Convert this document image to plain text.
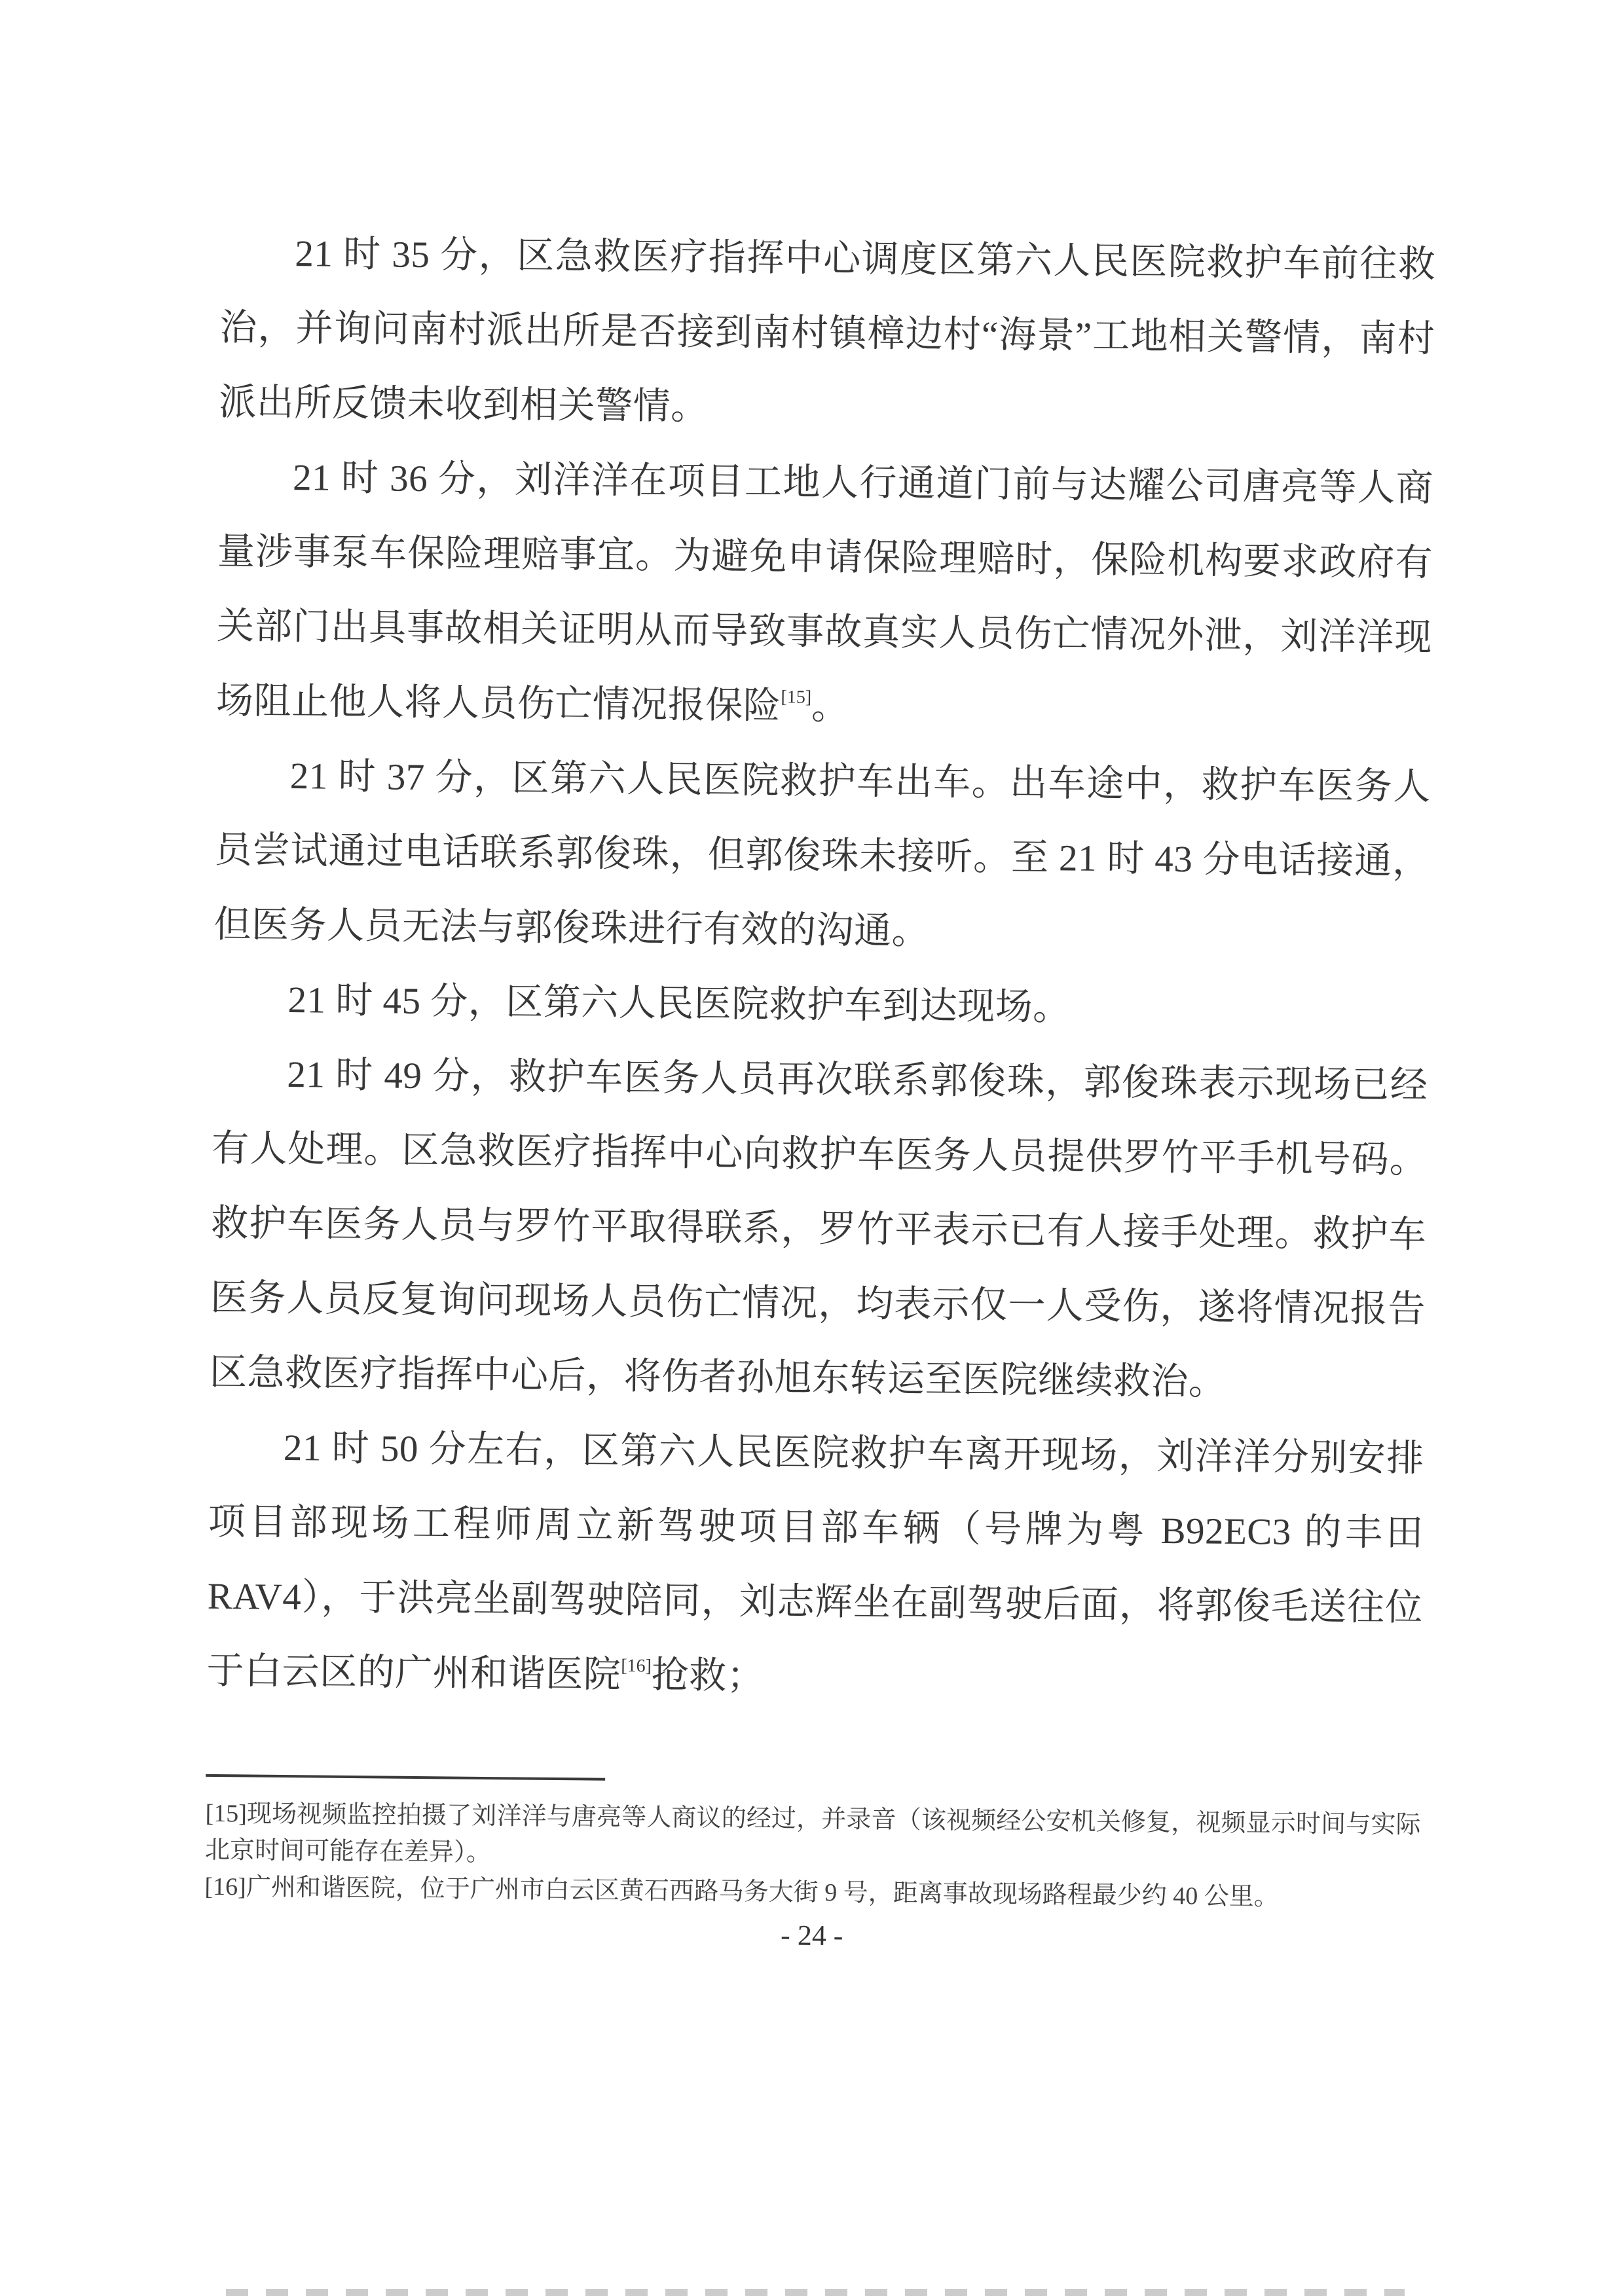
21 时 35 分，区急救医疗指挥中心调度区第六人民医院救护车前往救治，并询问南村派出所是否接到南村镇樟边村“海景”工地相关警情，南村派出所反馈未收到相关警情。

21 时 36 分，刘洋洋在项目工地人行通道门前与达耀公司唐亮等人商量涉事泵车保险理赔事宜。为避免申请保险理赔时，保险机构要求政府有关部门出具事故相关证明从而导致事故真实人员伤亡情况外泄，刘洋洋现场阻止他人将人员伤亡情况报保险[15]。

21 时 37 分，区第六人民医院救护车出车。出车途中，救护车医务人员尝试通过电话联系郭俊珠，但郭俊珠未接听。至 21 时 43 分电话接通，但医务人员无法与郭俊珠进行有效的沟通。

21 时 45 分，区第六人民医院救护车到达现场。

21 时 49 分，救护车医务人员再次联系郭俊珠，郭俊珠表示现场已经有人处理。区急救医疗指挥中心向救护车医务人员提供罗竹平手机号码。救护车医务人员与罗竹平取得联系，罗竹平表示已有人接手处理。救护车医务人员反复询问现场人员伤亡情况，均表示仅一人受伤，遂将情况报告区急救医疗指挥中心后，将伤者孙旭东转运至医院继续救治。

21 时 50 分左右，区第六人民医院救护车离开现场，刘洋洋分别安排项目部现场工程师周立新驾驶项目部车辆（号牌为粤 B92EC3 的丰田 RAV4），于洪亮坐副驾驶陪同，刘志辉坐在副驾驶后面，将郭俊毛送往位于白云区的广州和谐医院[16]抢救；

[15]现场视频监控拍摄了刘洋洋与唐亮等人商议的经过，并录音（该视频经公安机关修复，视频显示时间与实际北京时间可能存在差异）。

[16]广州和谐医院，位于广州市白云区黄石西路马务大街 9 号，距离事故现场路程最少约 40 公里。

- 24 -
